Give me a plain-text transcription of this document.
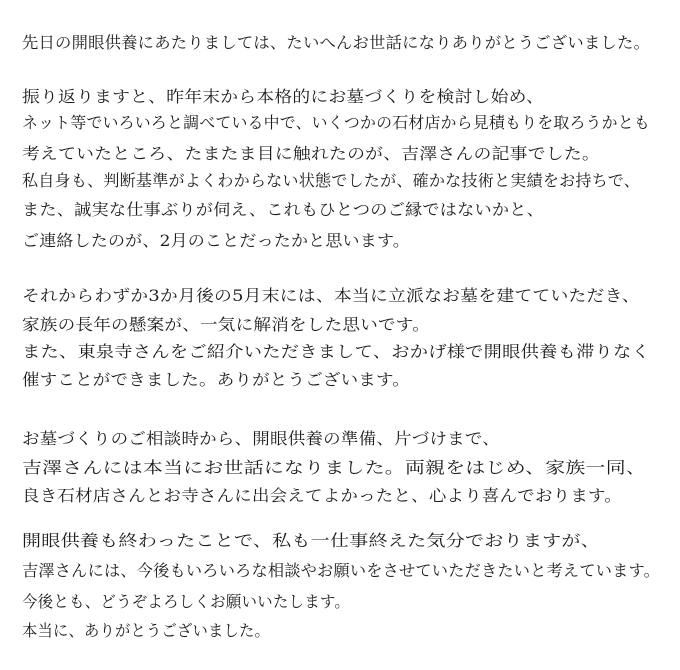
先日の開眼供養にあたりましては、たいへんお世話になりありがとうございました。
振り返りますと、昨年末から本格的にお墓づくりを検討し始め、
ネット等でいろいろと調べている中で、いくつかの石材店から見積もりを取ろうかとも
考えていたところ、たまたま目に触れたのが、吉澤さんの記事でした。
私自身も、判断基準がよくわからない状態でしたが、確かな技術と実績をお持ちで、
また、誠実な仕事ぶりが伺え、これもひとつのご縁ではないかと、
ご連絡したのが、2月のことだったかと思います。
それからわずか3か月後の5月末には、本当に立派なお墓を建てていただき、
家族の長年の懸案が、一気に解消をした思いです。
また、東泉寺さんをご紹介いただきまして、おかげ様で開眼供養も滞りなく
催すことができました。ありがとうございます。
お墓づくりのご相談時から、開眼供養の準備、片づけまで、
吉澤さんには本当にお世話になりました。両親をはじめ、家族一同、
良き石材店さんとお寺さんに出会えてよかったと、心より喜んでおります。
開眼供養も終わったことで、私も一仕事終えた気分でおりますが、
吉澤さんには、今後もいろいろな相談やお願いをさせていただきたいと考えています。
今後とも、どうぞよろしくお願いいたします。
本当に、ありがとうございました。
